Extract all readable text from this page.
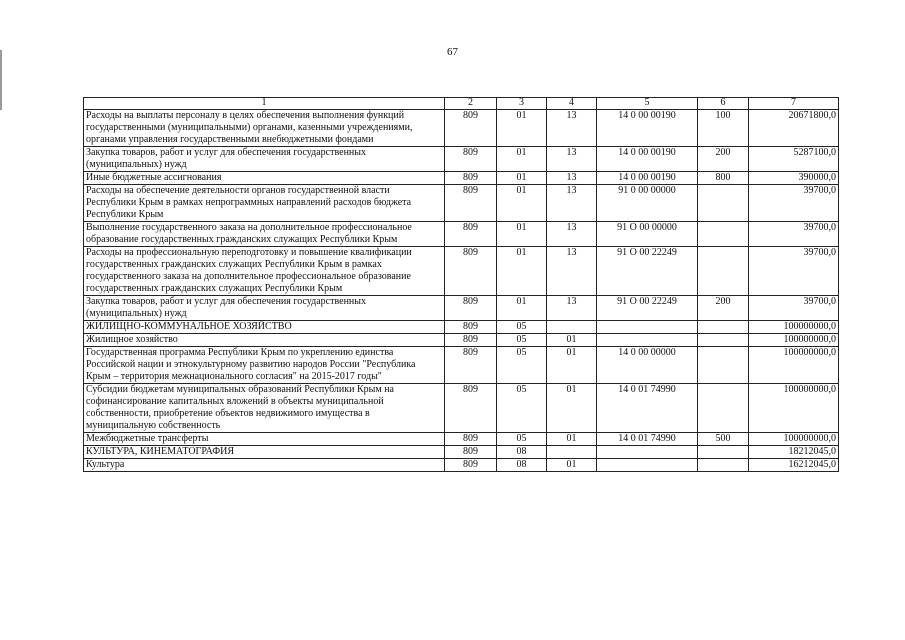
67
1	2	3	4	5	6	7
Расходы на выплаты персоналу в целях обеспечения выполнения функций государственными (муниципальными) органами, казенными учреждениями, органами управления государственными внебюджетными фондами	809	01	13	14 0 00 00190	100	20671800,0
Закупка товаров, работ и услуг для обеспечения государственных (муниципальных) нужд	809	01	13	14 0 00 00190	200	5287100,0
Иные бюджетные ассигнования	809	01	13	14 0 00 00190	800	390000,0
Расходы на обеспечение деятельности органов государственной власти Республики Крым в рамках непрограммных направлений расходов бюджета Республики Крым	809	01	13	91 0 00 00000		39700,0
Выполнение государственного заказа на дополнительное профессиональное образование государственных гражданских служащих Республики Крым	809	01	13	91 О 00 00000		39700,0
Расходы на профессиональную переподготовку и повышение квалификации государственных гражданских служащих Республики Крым в рамках государственного заказа на дополнительное профессиональное образование государственных гражданских служащих Республики Крым	809	01	13	91 О 00 22249		39700,0
Закупка товаров, работ и услуг для обеспечения государственных (муниципальных) нужд	809	01	13	91 О 00 22249	200	39700,0
ЖИЛИЩНО-КОММУНАЛЬНОЕ ХОЗЯЙСТВО	809	05				100000000,0
Жилищное хозяйство	809	05	01			100000000,0
Государственная программа Республики Крым по укреплению единства Российской нации и этнокультурному развитию народов России "Республика Крым – территория межнационального согласия" на 2015-2017 годы"	809	05	01	14 0 00 00000		100000000,0
Субсидии бюджетам муниципальных образований Республики Крым на софинансирование капитальных вложений в объекты муниципальной собственности, приобретение объектов недвижимого имущества в муниципальную собственность	809	05	01	14 0 01 74990		100000000,0
Межбюджетные трансферты	809	05	01	14 0 01 74990	500	100000000,0
КУЛЬТУРА, КИНЕМАТОГРАФИЯ	809	08				18212045,0
Культура	809	08	01			16212045,0
